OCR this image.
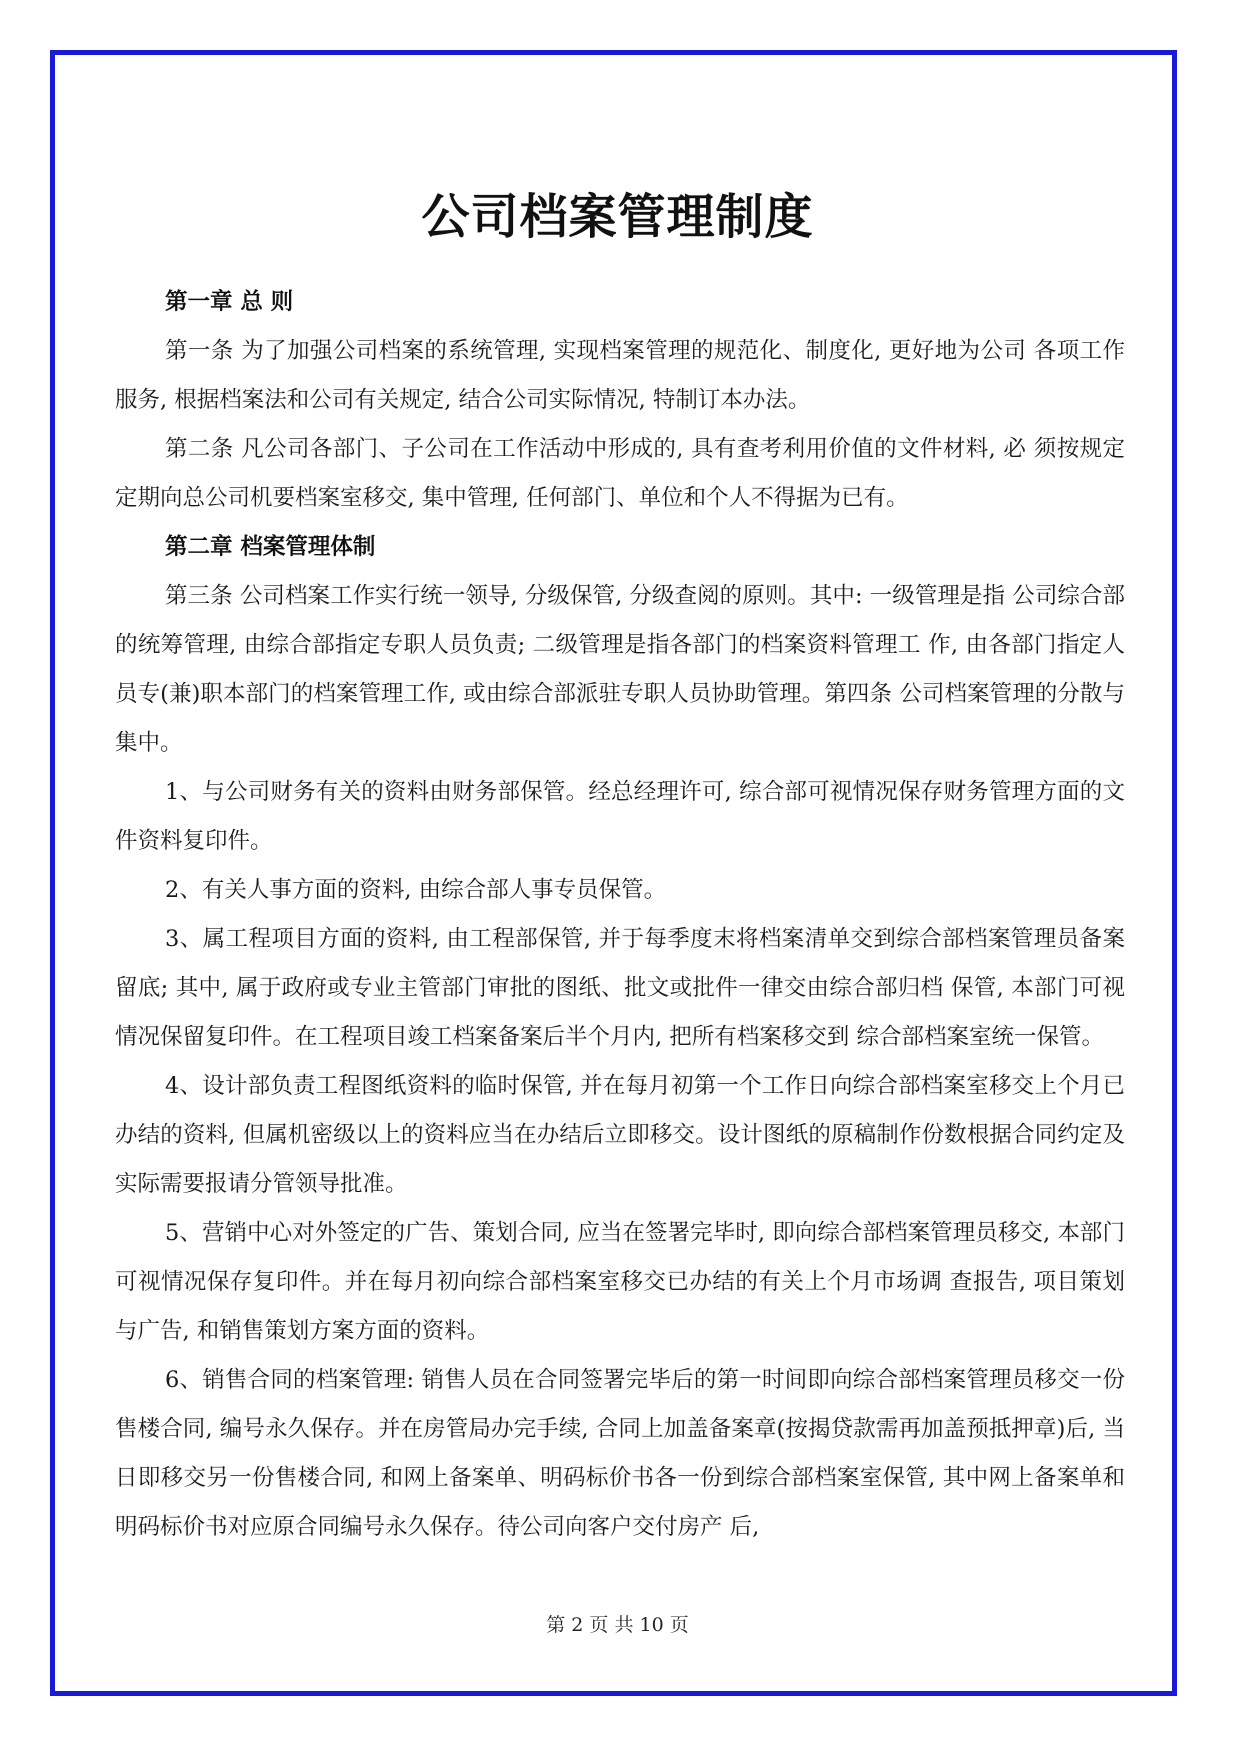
公司档案管理制度
第一章 总 则

第一条 为了加强公司档案的系统管理, 实现档案管理的规范化、制度化, 更好地为公司 各项工作服务, 根据档案法和公司有关规定, 结合公司实际情况, 特制订本办法。

第二条 凡公司各部门、子公司在工作活动中形成的, 具有查考利用价值的文件材料, 必 须按规定定期向总公司机要档案室移交, 集中管理, 任何部门、单位和个人不得据为已有。

第二章 档案管理体制

第三条 公司档案工作实行统一领导, 分级保管, 分级查阅的原则。其中: 一级管理是指 公司综合部的统筹管理, 由综合部指定专职人员负责; 二级管理是指各部门的档案资料管理工 作, 由各部门指定人员专(兼)职本部门的档案管理工作, 或由综合部派驻专职人员协助管理。第四条 公司档案管理的分散与集中。

1、与公司财务有关的资料由财务部保管。经总经理许可, 综合部可视情况保存财务管理方面的文件资料复印件。

2、有关人事方面的资料, 由综合部人事专员保管。

3、属工程项目方面的资料, 由工程部保管, 并于每季度末将档案清单交到综合部档案管理员备案留底; 其中, 属于政府或专业主管部门审批的图纸、批文或批件一律交由综合部归档 保管, 本部门可视情况保留复印件。在工程项目竣工档案备案后半个月内, 把所有档案移交到 综合部档案室统一保管。

4、设计部负责工程图纸资料的临时保管, 并在每月初第一个工作日向综合部档案室移交上个月已办结的资料, 但属机密级以上的资料应当在办结后立即移交。设计图纸的原稿制作份数根据合同约定及实际需要报请分管领导批准。

5、营销中心对外签定的广告、策划合同, 应当在签署完毕时, 即向综合部档案管理员移交, 本部门可视情况保存复印件。并在每月初向综合部档案室移交已办结的有关上个月市场调 查报告, 项目策划与广告, 和销售策划方案方面的资料。

6、销售合同的档案管理: 销售人员在合同签署完毕后的第一时间即向综合部档案管理员移交一份售楼合同, 编号永久保存。并在房管局办完手续, 合同上加盖备案章(按揭贷款需再加盖预抵押章)后, 当日即移交另一份售楼合同, 和网上备案单、明码标价书各一份到综合部档案室保管, 其中网上备案单和明码标价书对应原合同编号永久保存。待公司向客户交付房产 后,

第 2 页 共 10 页
